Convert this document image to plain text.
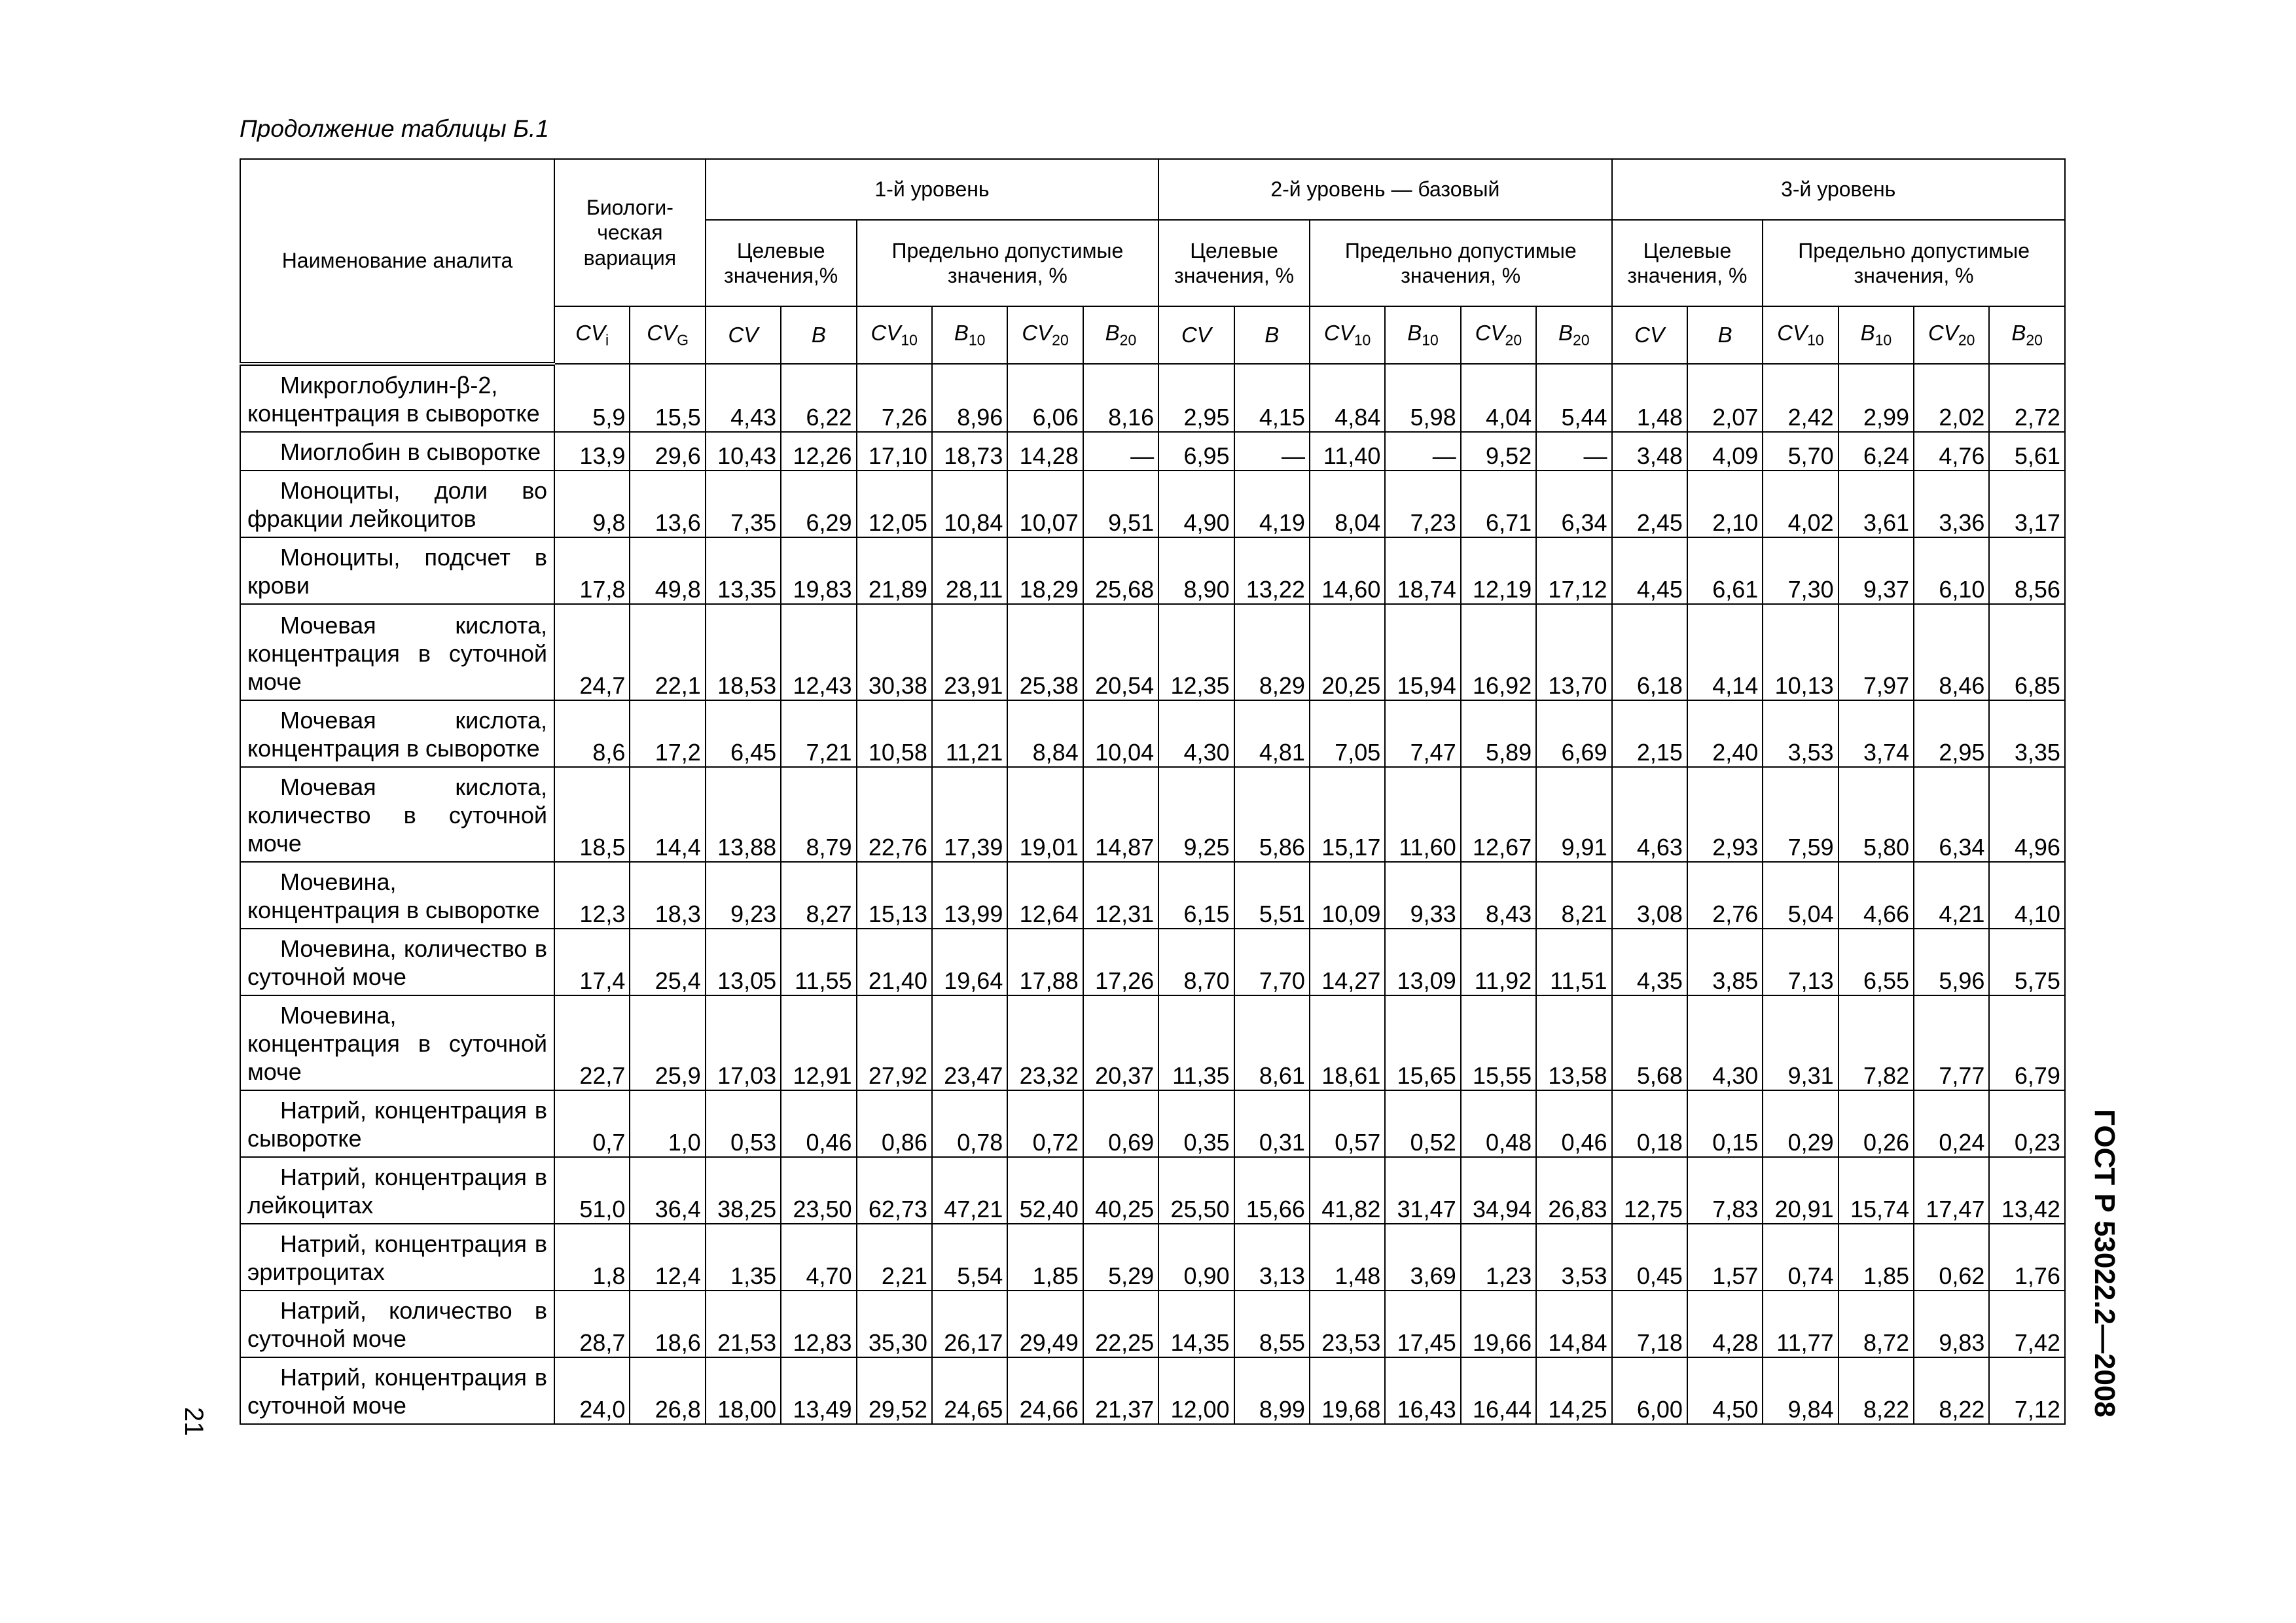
Продолжение таблицы Б.1
Наименование аналита	Биологи-
ческая
вариация		1-й уровень						2-й уровень — базовый						3-й уровень					
			Целевые значения,%		Предельно допустимые значения, %				Целевые значения, %		Предельно допустимые значения, %				Целевые значения, %		Предельно допустимые значения, %			
	$CV_i$	$CV_G$	CV	B	$CV_{10}$	$B_{10}$	$CV_{20}$	$B_{20}$	CV	B	$CV_{10}$	$B_{10}$	$CV_{20}$	$B_{20}$	CV	B	$CV_{10}$	$B_{10}$	$CV_{20}$	$B_{20}$

Микроглобулин-β-2, концентрация в сыворотке	5,9	15,5	4,43	6,22	7,26	8,96	6,06	8,16	2,95	4,15	4,84	5,98	4,04	5,44	1,48	2,07	2,42	2,99	2,02	2,72

Миоглобин в сыворотке	13,9	29,6	10,43	12,26	17,10	18,73	14,28	—	6,95	—	11,40	—	9,52	—	3,48	4,09	5,70	6,24	4,76	5,61

Моноциты, доли во фракции лейкоцитов	9,8	13,6	7,35	6,29	12,05	10,84	10,07	9,51	4,90	4,19	8,04	7,23	6,71	6,34	2,45	2,10	4,02	3,61	3,36	3,17

Моноциты, подсчет в крови	17,8	49,8	13,35	19,83	21,89	28,11	18,29	25,68	8,90	13,22	14,60	18,74	12,19	17,12	4,45	6,61	7,30	9,37	6,10	8,56

Мочевая кислота, концентрация в суточной моче	24,7	22,1	18,53	12,43	30,38	23,91	25,38	20,54	12,35	8,29	20,25	15,94	16,92	13,70	6,18	4,14	10,13	7,97	8,46	6,85

Мочевая кислота, концентрация в сыворотке	8,6	17,2	6,45	7,21	10,58	11,21	8,84	10,04	4,30	4,81	7,05	7,47	5,89	6,69	2,15	2,40	3,53	3,74	2,95	3,35

Мочевая кислота, количество в суточной моче	18,5	14,4	13,88	8,79	22,76	17,39	19,01	14,87	9,25	5,86	15,17	11,60	12,67	9,91	4,63	2,93	7,59	5,80	6,34	4,96

Мочевина, концентрация в сыворотке	12,3	18,3	9,23	8,27	15,13	13,99	12,64	12,31	6,15	5,51	10,09	9,33	8,43	8,21	3,08	2,76	5,04	4,66	4,21	4,10

Мочевина, количество в суточной моче	17,4	25,4	13,05	11,55	21,40	19,64	17,88	17,26	8,70	7,70	14,27	13,09	11,92	11,51	4,35	3,85	7,13	6,55	5,96	5,75

Мочевина, концентрация в суточной моче	22,7	25,9	17,03	12,91	27,92	23,47	23,32	20,37	11,35	8,61	18,61	15,65	15,55	13,58	5,68	4,30	9,31	7,82	7,77	6,79

Натрий, концентрация в сыворотке	0,7	1,0	0,53	0,46	0,86	0,78	0,72	0,69	0,35	0,31	0,57	0,52	0,48	0,46	0,18	0,15	0,29	0,26	0,24	0,23

Натрий, концентрация в лейкоцитах	51,0	36,4	38,25	23,50	62,73	47,21	52,40	40,25	25,50	15,66	41,82	31,47	34,94	26,83	12,75	7,83	20,91	15,74	17,47	13,42

Натрий, концентрация в эритроцитах	1,8	12,4	1,35	4,70	2,21	5,54	1,85	5,29	0,90	3,13	1,48	3,69	1,23	3,53	0,45	1,57	0,74	1,85	0,62	1,76

Натрий, количество в суточной моче	28,7	18,6	21,53	12,83	35,30	26,17	29,49	22,25	14,35	8,55	23,53	17,45	19,66	14,84	7,18	4,28	11,77	8,72	9,83	7,42

Натрий, концентрация в суточной моче	24,0	26,8	18,00	13,49	29,52	24,65	24,66	21,37	12,00	8,99	19,68	16,43	16,44	14,25	6,00	4,50	9,84	8,22	8,22	7,12 ГОСТ Р 53022.2—2008
21
